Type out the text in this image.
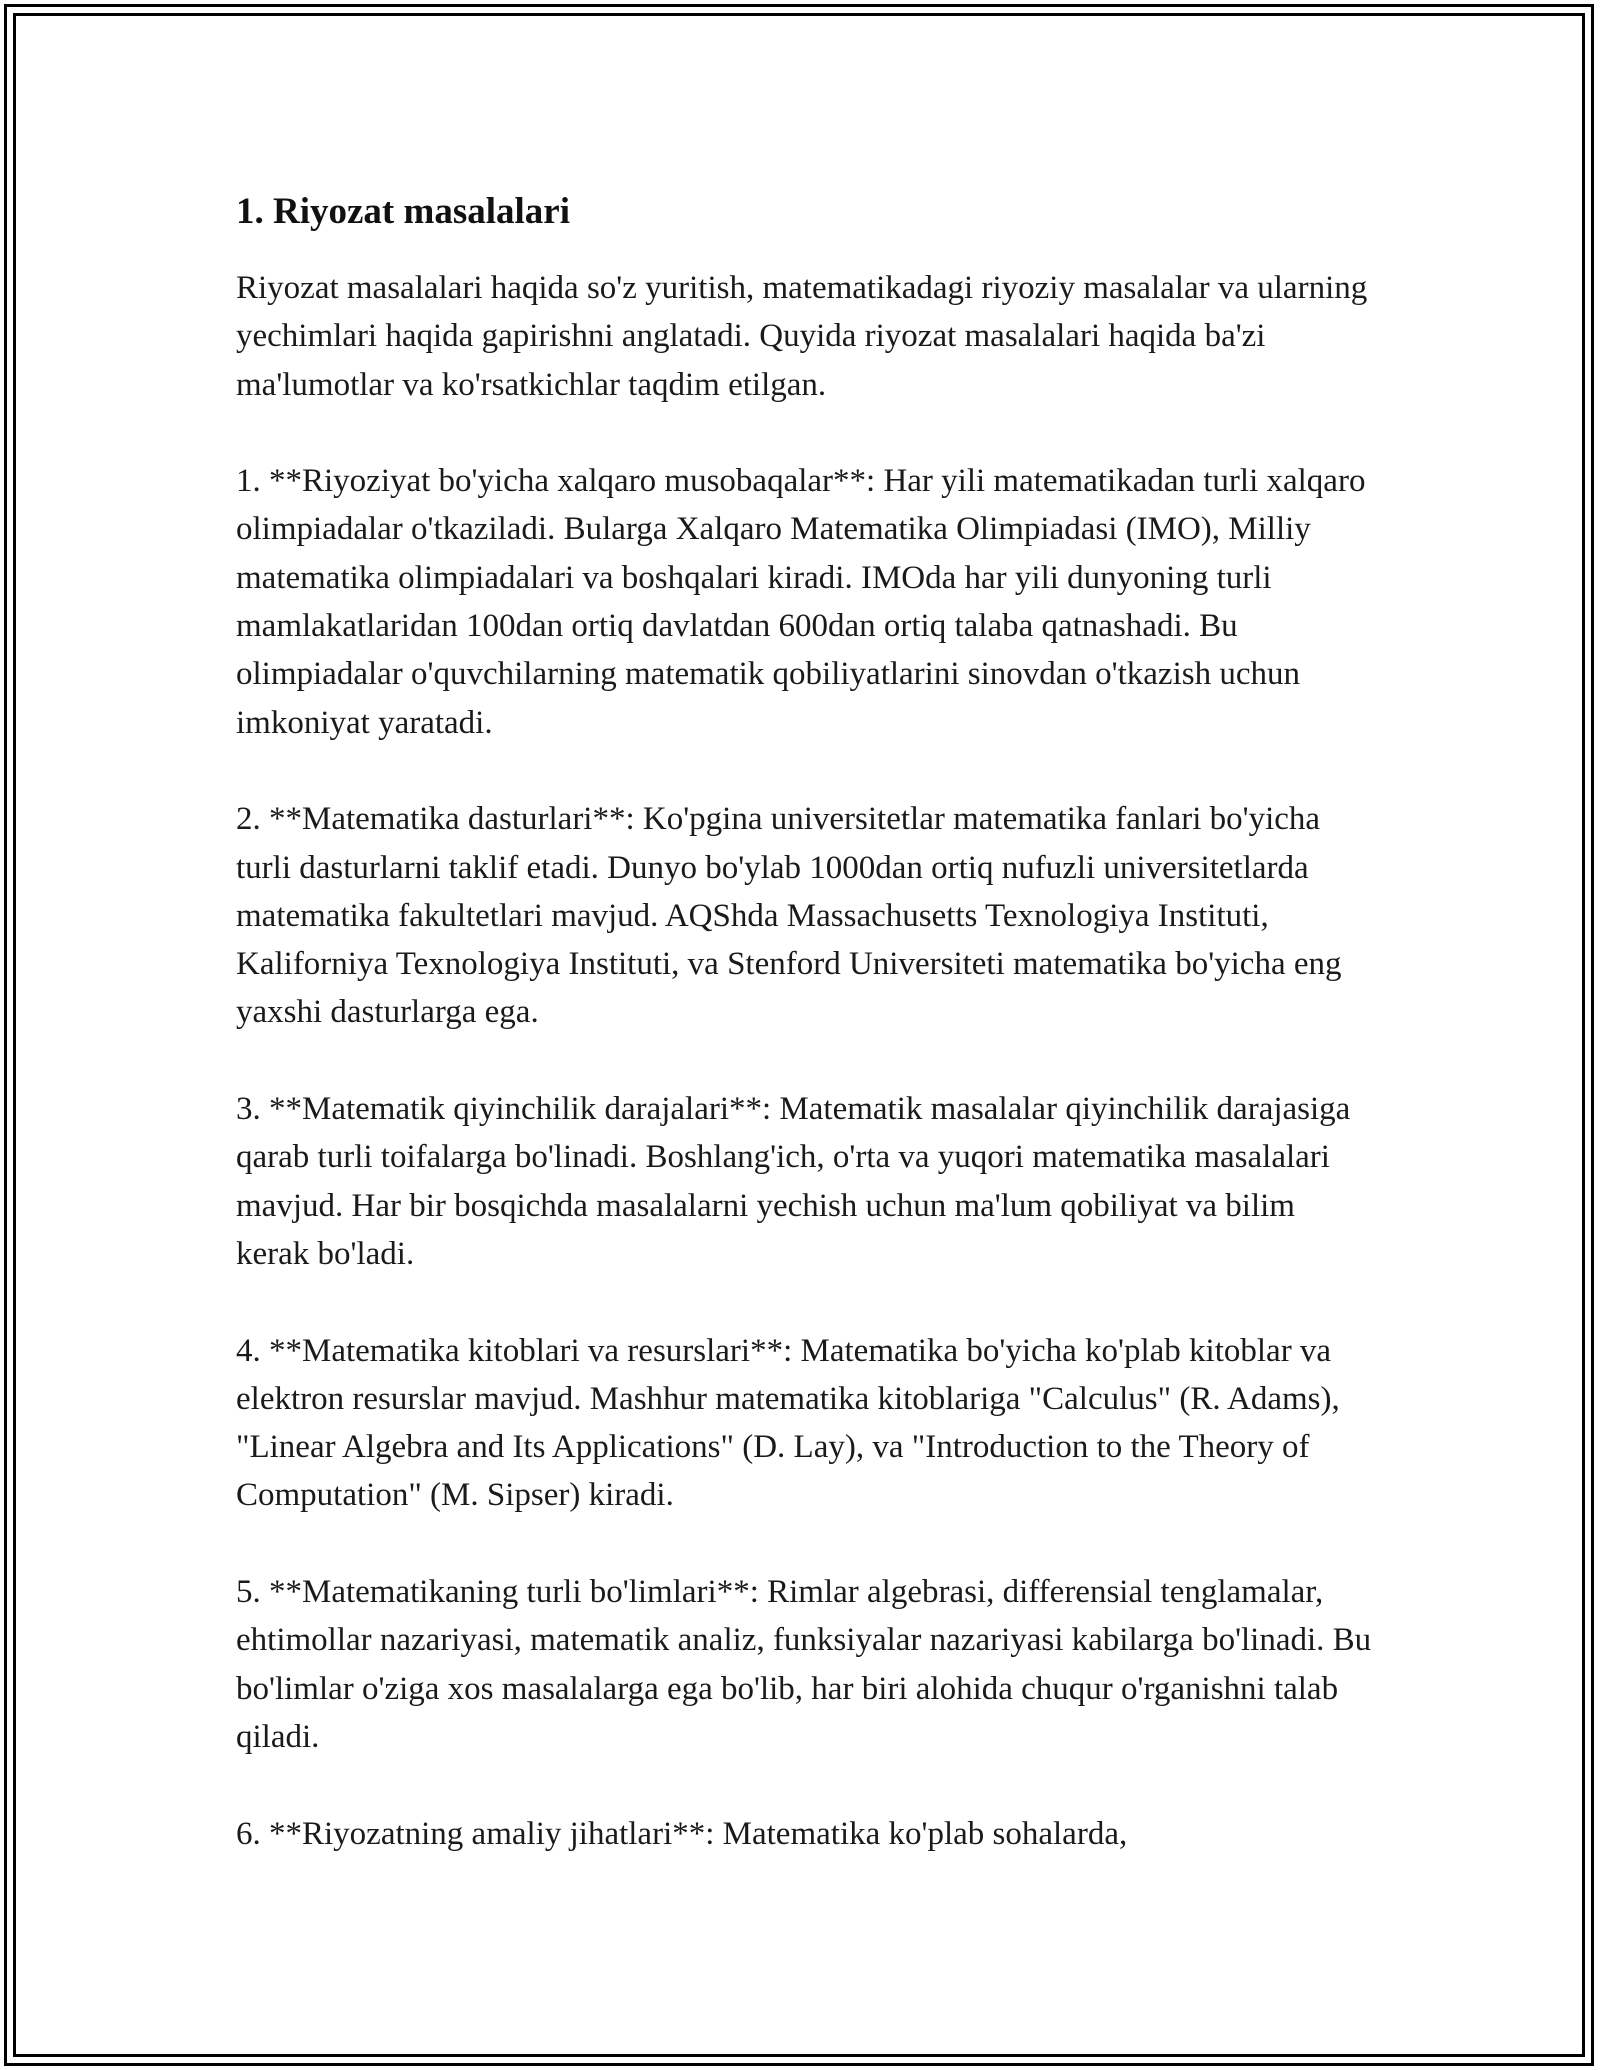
1. Riyozat masalalari

Riyozat masalalari haqida so'z yuritish, matematikadagi riyoziy masalalar va ularning yechimlari haqida gapirishni anglatadi. Quyida riyozat masalalari haqida ba'zi ma'lumotlar va ko'rsatkichlar taqdim etilgan.

1. **Riyoziyat bo'yicha xalqaro musobaqalar**: Har yili matematikadan turli xalqaro olimpiadalar o'tkaziladi. Bularga Xalqaro Matematika Olimpiadasi (IMO), Milliy matematika olimpiadalari va boshqalari kiradi. IMOda har yili dunyoning turli mamlakatlaridan 100dan ortiq davlatdan 600dan ortiq talaba qatnashadi. Bu olimpiadalar o'quvchilarning matematik qobiliyatlarini sinovdan o'tkazish uchun imkoniyat yaratadi.

2. **Matematika dasturlari**: Ko'pgina universitetlar matematika fanlari bo'yicha turli dasturlarni taklif etadi. Dunyo bo'ylab 1000dan ortiq nufuzli universitetlarda matematika fakultetlari mavjud. AQShda Massachusetts Texnologiya Instituti, Kaliforniya Texnologiya Instituti, va Stenford Universiteti matematika bo'yicha eng yaxshi dasturlarga ega.

3. **Matematik qiyinchilik darajalari**: Matematik masalalar qiyinchilik darajasiga qarab turli toifalarga bo'linadi. Boshlang'ich, o'rta va yuqori matematika masalalari mavjud. Har bir bosqichda masalalarni yechish uchun ma'lum qobiliyat va bilim kerak bo'ladi.

4. **Matematika kitoblari va resurslari**: Matematika bo'yicha ko'plab kitoblar va elektron resurslar mavjud. Mashhur matematika kitoblariga "Calculus" (R. Adams), "Linear Algebra and Its Applications" (D. Lay), va "Introduction to the Theory of Computation" (M. Sipser) kiradi.

5. **Matematikaning turli bo'limlari**: Rimlar algebrasi, differensial tenglamalar, ehtimollar nazariyasi, matematik analiz, funksiyalar nazariyasi kabilarga bo'linadi. Bu bo'limlar o'ziga xos masalalarga ega bo'lib, har biri alohida chuqur o'rganishni talab qiladi.

6. **Riyozatning amaliy jihatlari**: Matematika ko'plab sohalarda,
